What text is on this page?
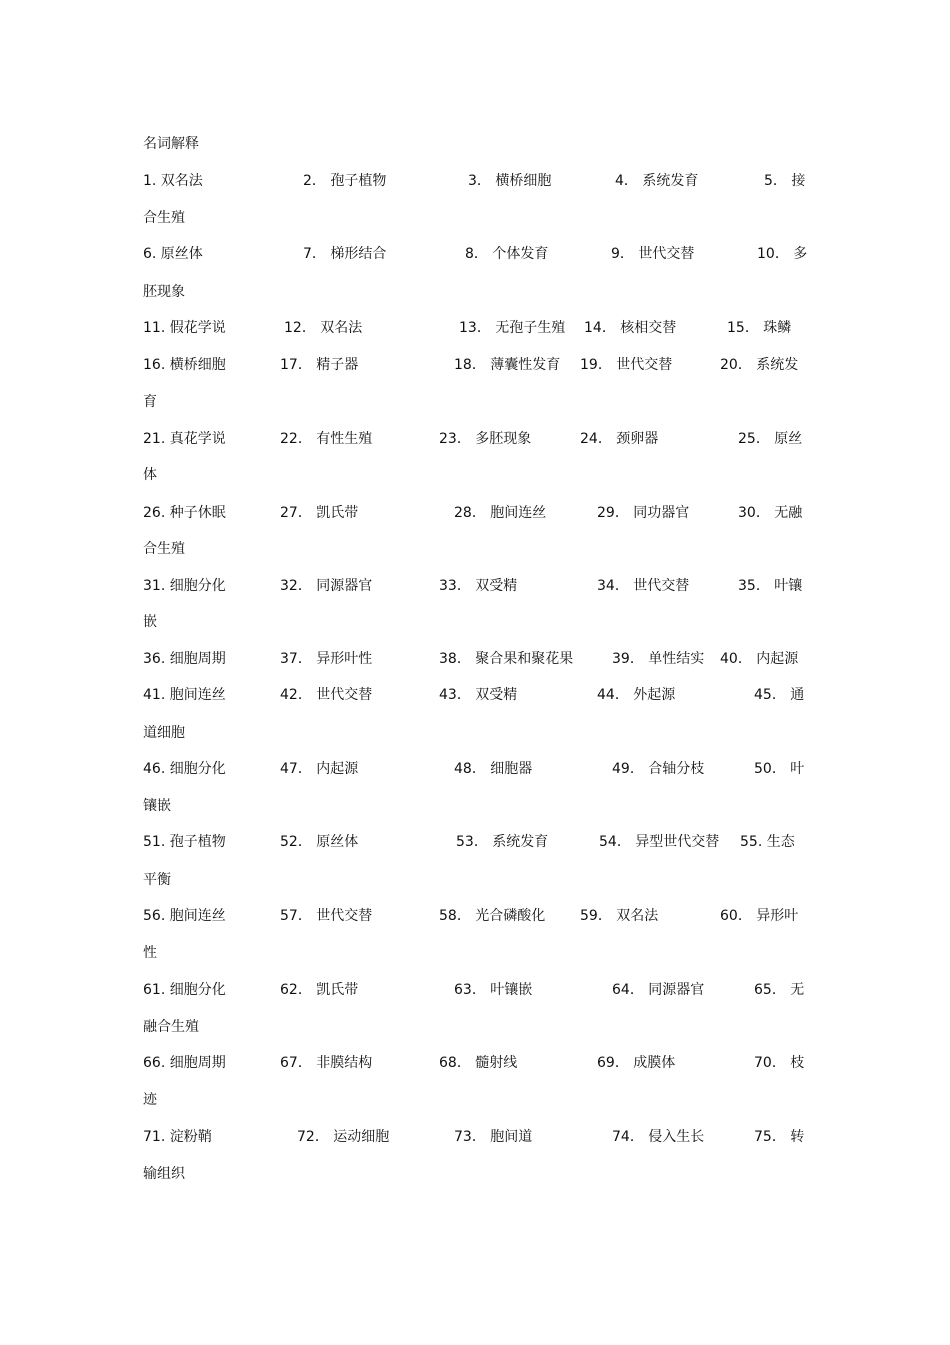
名词解释
1. 双名法	2． 孢子植物	3． 横桥细胞	4． 系统发育	5． 接
合生殖
6. 原丝体	7． 梯形结合	8． 个体发育	9． 世代交替	10． 多
胚现象
11. 假花学说	12． 双名法	13． 无孢子生殖 14． 核相交替	15． 珠鳞
16. 横桥细胞	17． 精子器	18． 薄囊性发育 19． 世代交替	20． 系统发
育
21. 真花学说	22． 有性生殖	23． 多胚现象	24． 颈卵器	25． 原丝
体
26. 种子休眠	27． 凯氏带	28． 胞间连丝	29． 同功器官	30． 无融
合生殖
31. 细胞分化	32． 同源器官	33． 双受精	34． 世代交替	35． 叶镶
嵌
36. 细胞周期	37． 异形叶性	38． 聚合果和聚花果	39． 单性结实 40． 内起源
41. 胞间连丝	42． 世代交替	43． 双受精	44． 外起源	45． 通
道细胞
46. 细胞分化	47． 内起源	48． 细胞器	49． 合轴分枝	50． 叶
镶嵌
51. 孢子植物	52． 原丝体	53． 系统发育	54． 异型世代交替 55. 生态
平衡
56. 胞间连丝	57． 世代交替	58． 光合磷酸化 59． 双名法	60． 异形叶
性
61. 细胞分化	62． 凯氏带	63． 叶镶嵌	64． 同源器官	65． 无
融合生殖
66. 细胞周期	67． 非膜结构	68． 髓射线	69． 成膜体	70． 枝
迹
71. 淀粉鞘	72． 运动细胞	73． 胞间道	74． 侵入生长	75． 转
输组织
